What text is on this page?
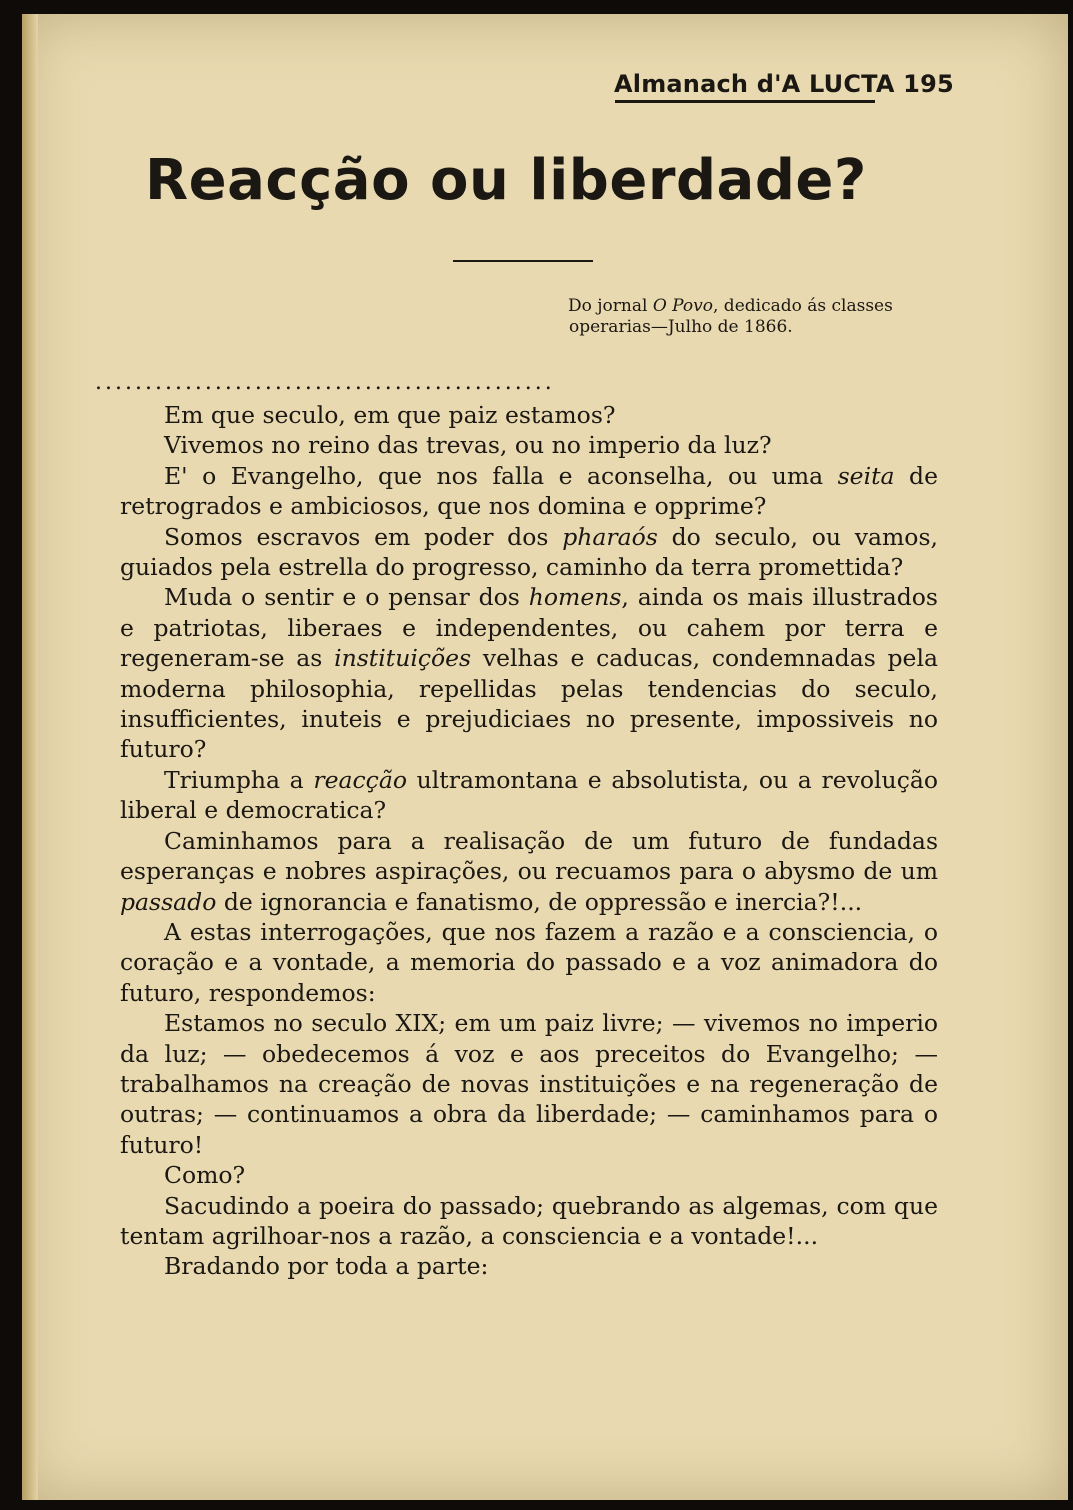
Almanach d'A LUCTA 195
Reacção ou liberdade?
Do jornal O Povo, dedicado ás classes
operarias—Julho de 1866.
..............................................

Em que seculo, em que paiz estamos?

Vivemos no reino das trevas, ou no imperio da luz?

E' o Evangelho, que nos falla e aconselha, ou uma seita de retrogrados e ambiciosos, que nos domina e opprime?

Somos escravos em poder dos pharaós do seculo, ou vamos, guiados pela estrella do progresso, caminho da terra promettida?

Muda o sentir e o pensar dos homens, ainda os mais illustrados e patriotas, liberaes e independentes, ou cahem por terra e regeneram-se as instituições velhas e caducas, condemnadas pela moderna philosophia, repellidas pelas tendencias do seculo, insufficientes, inuteis e prejudiciaes no presente, impossiveis no futuro?

Triumpha a reacção ultramontana e absolutista, ou a revolução liberal e democratica?

Caminhamos para a realisação de um futuro de fundadas esperanças e nobres aspirações, ou recuamos para o abysmo de um passado de ignorancia e fanatismo, de oppressão e inercia?!...

A estas interrogações, que nos fazem a razão e a consciencia, o coração e a vontade, a memoria do passado e a voz animadora do futuro, respondemos:

Estamos no seculo XIX; em um paiz livre; — vivemos no imperio da luz; — obedecemos á voz e aos preceitos do Evangelho; — trabalhamos na creação de novas instituições e na regeneração de outras; — continuamos a obra da liberdade; — caminhamos para o futuro!

Como?

Sacudindo a poeira do passado; quebrando as algemas, com que tentam agrilhoar-nos a razão, a consciencia e a vontade!...

Bradando por toda a parte:
